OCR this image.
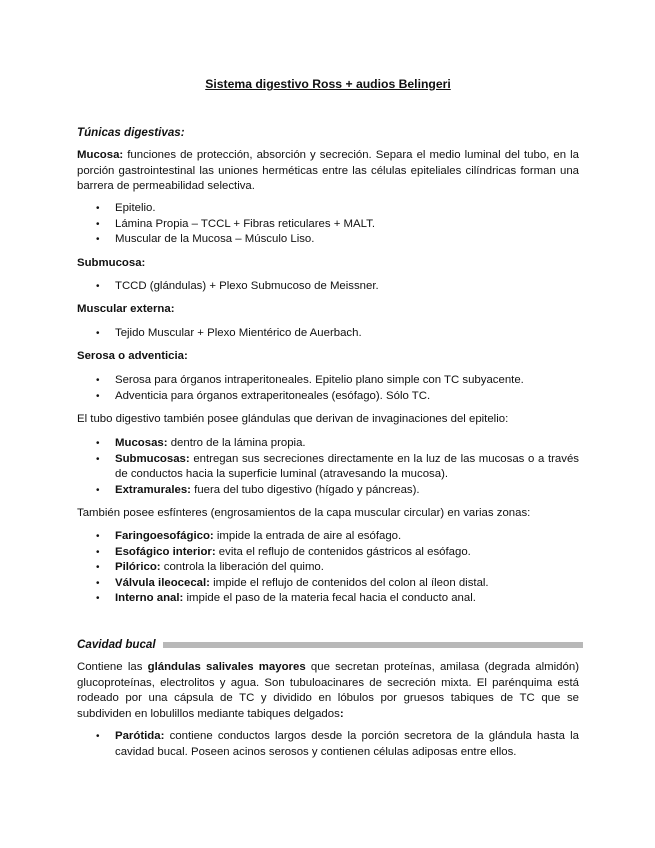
Sistema digestivo Ross + audios Belingeri

Túnicas digestivas:

Mucosa: funciones de protección, absorción y secreción. Separa el medio luminal del tubo, en la porción gastrointestinal las uniones herméticas entre las células epiteliales cilíndricas forman una barrera de permeabilidad selectiva.

• Epitelio.
• Lámina Propia – TCCL + Fibras reticulares + MALT.
• Muscular de la Mucosa – Músculo Liso.

Submucosa:

• TCCD (glándulas) + Plexo Submucoso de Meissner.

Muscular externa:

• Tejido Muscular + Plexo Mientérico de Auerbach.

Serosa o adventicia:

• Serosa para órganos intraperitoneales. Epitelio plano simple con TC subyacente.
• Adventicia para órganos extraperitoneales (esófago). Sólo TC.

El tubo digestivo también posee glándulas que derivan de invaginaciones del epitelio:

• Mucosas: dentro de la lámina propia.
• Submucosas: entregan sus secreciones directamente en la luz de las mucosas o a través de conductos hacia la superficie luminal (atravesando la mucosa).
• Extramurales: fuera del tubo digestivo (hígado y páncreas).

También posee esfínteres (engrosamientos de la capa muscular circular) en varias zonas:

• Faringoesofágico: impide la entrada de aire al esófago.
• Esofágico interior: evita el reflujo de contenidos gástricos al esófago.
• Pilórico: controla la liberación del quimo.
• Válvula ileocecal: impide el reflujo de contenidos del colon al íleon distal.
• Interno anal: impide el paso de la materia fecal hacia el conducto anal.
Cavidad bucal

Contiene las glándulas salivales mayores que secretan proteínas, amilasa (degrada almidón) glucoproteínas, electrolitos y agua. Son tubuloacinares de secreción mixta. El parénquima está rodeado por una cápsula de TC y dividido en lóbulos por gruesos tabiques de TC que se subdividen en lobulillos mediante tabiques delgados:

• Parótida: contiene conductos largos desde la porción secretora de la glándula hasta la cavidad bucal. Poseen acinos serosos y contienen células adiposas entre ellos.
